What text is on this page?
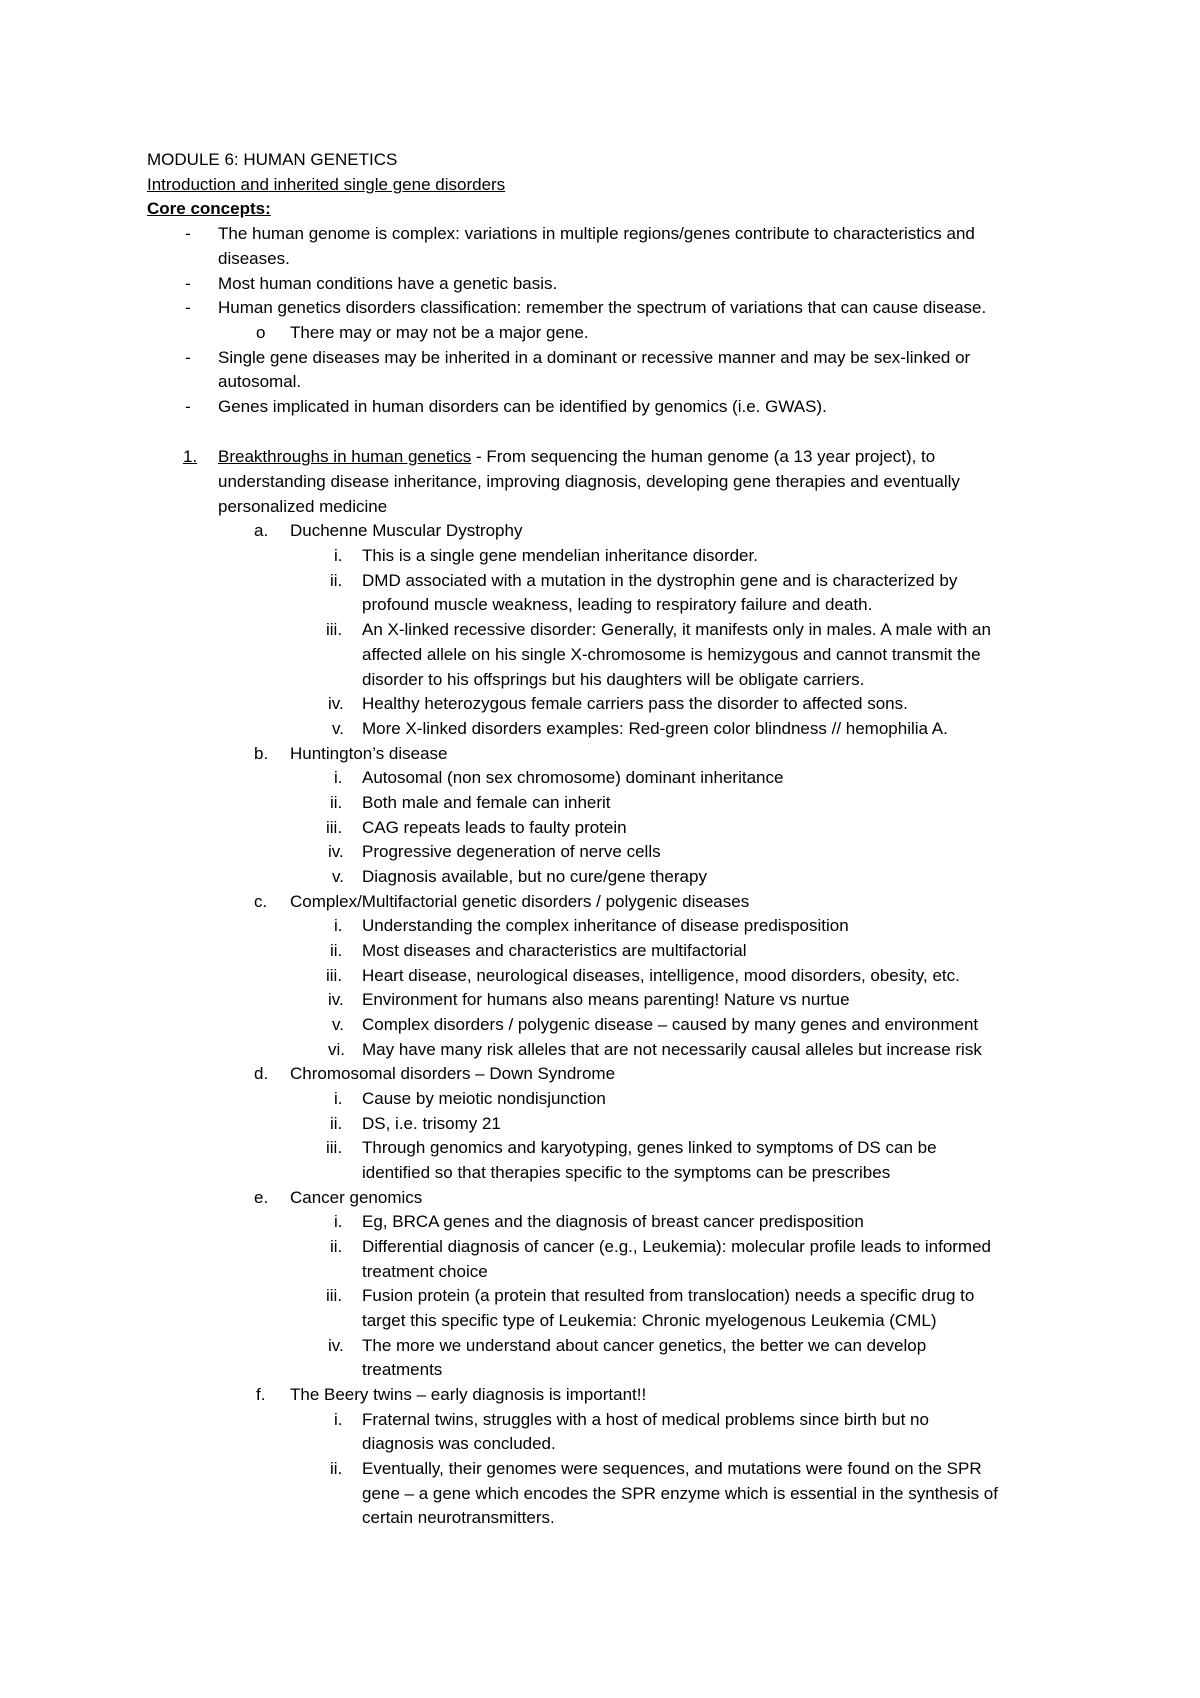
MODULE 6: HUMAN GENETICS
Introduction and inherited single gene disorders
Core concepts:
- The human genome is complex: variations in multiple regions/genes contribute to characteristics and
diseases.
- Most human conditions have a genetic basis.
- Human genetics disorders classification: remember the spectrum of variations that can cause disease.
o There may or may not be a major gene.
- Single gene diseases may be inherited in a dominant or recessive manner and may be sex-linked or
autosomal.
- Genes implicated in human disorders can be identified by genomics (i.e. GWAS).
1. Breakthroughs in human genetics - From sequencing the human genome (a 13 year project), to
understanding disease inheritance, improving diagnosis, developing gene therapies and eventually
personalized medicine
a. Duchenne Muscular Dystrophy
i. This is a single gene mendelian inheritance disorder.
ii. DMD associated with a mutation in the dystrophin gene and is characterized by
profound muscle weakness, leading to respiratory failure and death.
iii. An X-linked recessive disorder: Generally, it manifests only in males. A male with an
affected allele on his single X-chromosome is hemizygous and cannot transmit the
disorder to his offsprings but his daughters will be obligate carriers.
iv. Healthy heterozygous female carriers pass the disorder to affected sons.
v. More X-linked disorders examples: Red-green color blindness // hemophilia A.
b. Huntington’s disease
i. Autosomal (non sex chromosome) dominant inheritance
ii. Both male and female can inherit
iii. CAG repeats leads to faulty protein
iv. Progressive degeneration of nerve cells
v. Diagnosis available, but no cure/gene therapy
c. Complex/Multifactorial genetic disorders / polygenic diseases
i. Understanding the complex inheritance of disease predisposition
ii. Most diseases and characteristics are multifactorial
iii. Heart disease, neurological diseases, intelligence, mood disorders, obesity, etc.
iv. Environment for humans also means parenting! Nature vs nurtue
v. Complex disorders / polygenic disease – caused by many genes and environment
vi. May have many risk alleles that are not necessarily causal alleles but increase risk
d. Chromosomal disorders – Down Syndrome
i. Cause by meiotic nondisjunction
ii. DS, i.e. trisomy 21
iii. Through genomics and karyotyping, genes linked to symptoms of DS can be
identified so that therapies specific to the symptoms can be prescribes
e. Cancer genomics
i. Eg, BRCA genes and the diagnosis of breast cancer predisposition
ii. Differential diagnosis of cancer (e.g., Leukemia): molecular profile leads to informed
treatment choice
iii. Fusion protein (a protein that resulted from translocation) needs a specific drug to
target this specific type of Leukemia: Chronic myelogenous Leukemia (CML)
iv. The more we understand about cancer genetics, the better we can develop
treatments
f. The Beery twins – early diagnosis is important!!
i. Fraternal twins, struggles with a host of medical problems since birth but no
diagnosis was concluded.
ii. Eventually, their genomes were sequences, and mutations were found on the SPR
gene – a gene which encodes the SPR enzyme which is essential in the synthesis of
certain neurotransmitters.
